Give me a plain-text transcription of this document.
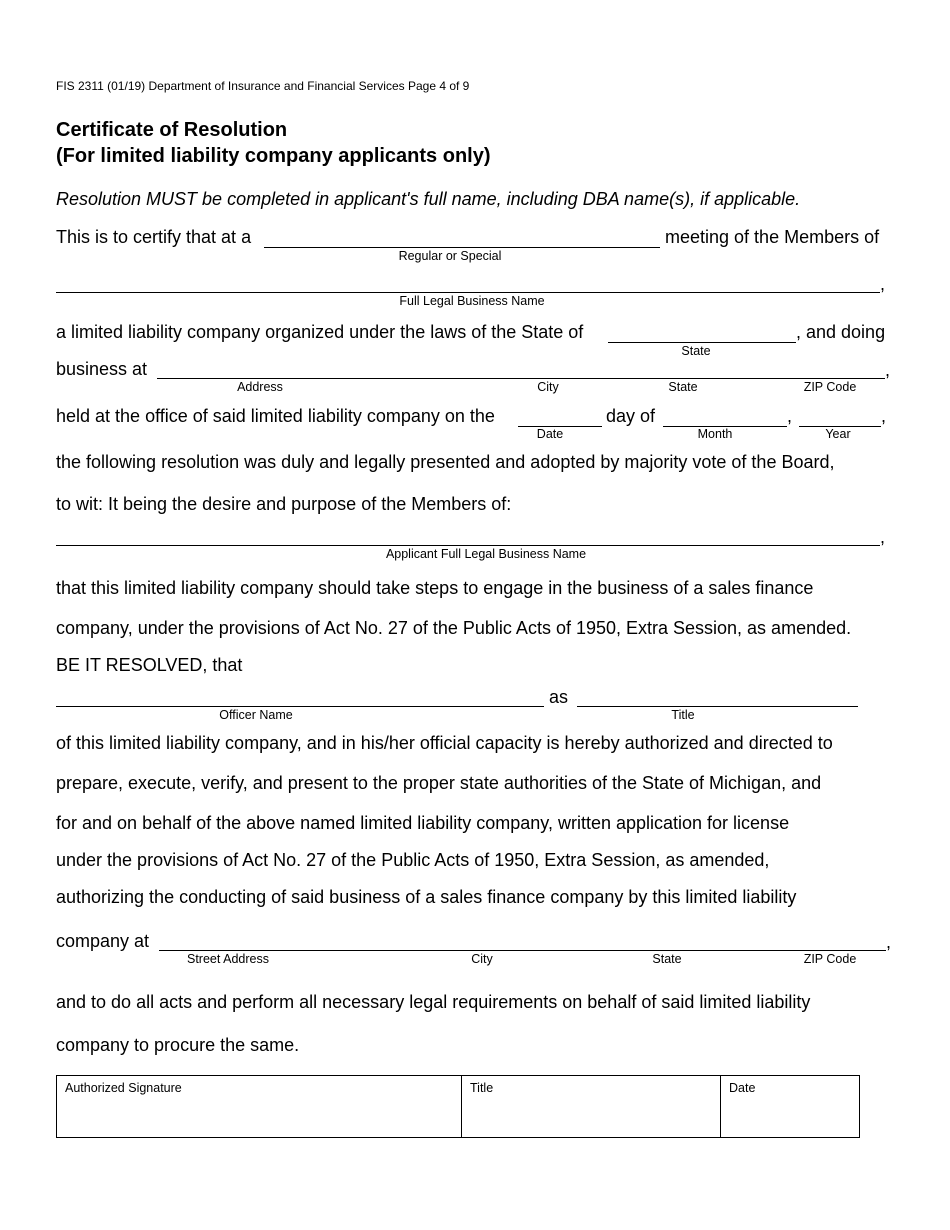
FIS 2311 (01/19) Department of Insurance and Financial Services Page 4 of 9
Certificate of Resolution
(For limited liability company applicants only)
Resolution MUST be completed in applicant's full name, including DBA name(s), if applicable.
This is to certify that at a	meeting of the Members of
Regular or Special
,
Full Legal Business Name
a limited liability company organized under the laws of the State of	, and doing
State
business at	,
Address	City	State	ZIP Code
held at the office of said limited liability company on the	day of	,	,
Date	Month	Year
the following resolution was duly and legally presented and adopted by majority vote of the Board,
to wit: It being the desire and purpose of the Members of:
,
Applicant Full Legal Business Name
that this limited liability company should take steps to engage in the business of a sales finance
company, under the provisions of Act No. 27 of the Public Acts of 1950, Extra Session, as amended.
BE IT RESOLVED, that
as
Officer Name	Title
of this limited liability company, and in his/her official capacity is hereby authorized and directed to
prepare, execute, verify, and present to the proper state authorities of the State of Michigan, and
for and on behalf of the above named limited liability company, written application for license
under the provisions of Act No. 27 of the Public Acts of 1950, Extra Session, as amended,
authorizing the conducting of said business of a sales finance company by this limited liability
company at	,
Street Address	City	State	ZIP Code
and to do all acts and perform all necessary legal requirements on behalf of said limited liability
company to procure the same.
Authorized Signature	Title	Date
